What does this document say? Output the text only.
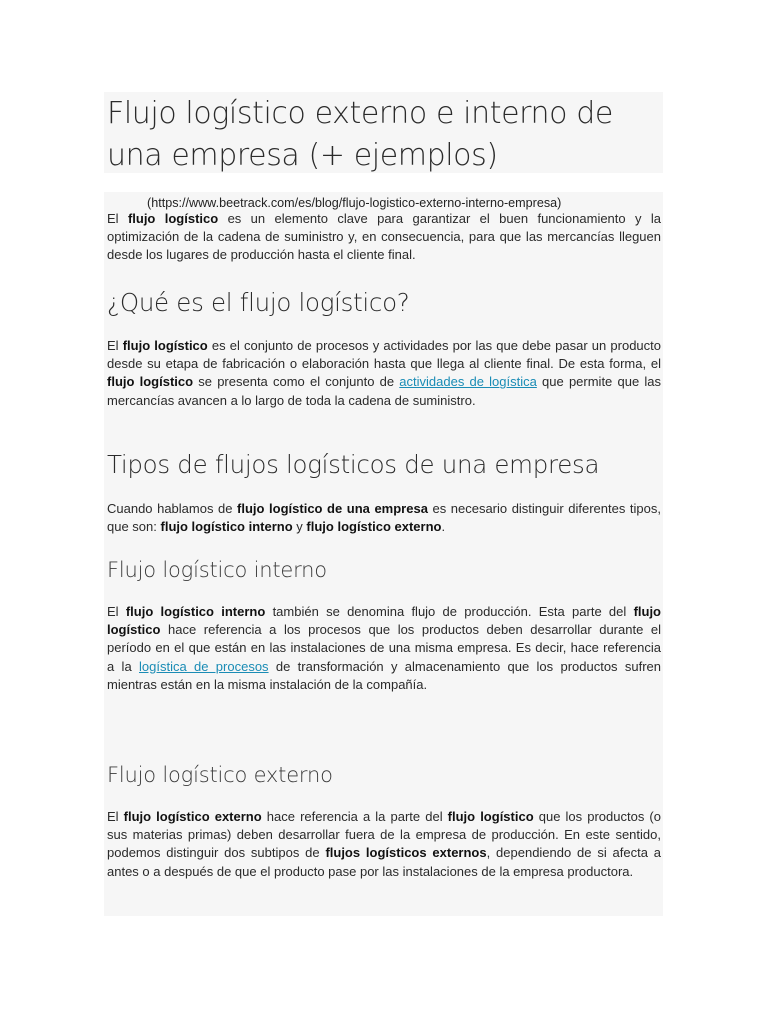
Flujo logístico externo e interno de una empresa (+ ejemplos)
(https://www.beetrack.com/es/blog/flujo-logistico-externo-interno-empresa)

El flujo logístico es un elemento clave para garantizar el buen funcionamiento y la optimización de la cadena de suministro y, en consecuencia, para que las mercancías lleguen desde los lugares de producción hasta el cliente final.

¿Qué es el flujo logístico?

El flujo logístico es el conjunto de procesos y actividades por las que debe pasar un producto desde su etapa de fabricación o elaboración hasta que llega al cliente final. De esta forma, el flujo logístico se presenta como el conjunto de actividades de logística que permite que las mercancías avancen a lo largo de toda la cadena de suministro.

Tipos de flujos logísticos de una empresa

Cuando hablamos de flujo logístico de una empresa es necesario distinguir diferentes tipos, que son: flujo logístico interno y flujo logístico externo.

Flujo logístico interno

El flujo logístico interno también se denomina flujo de producción. Esta parte del flujo logístico hace referencia a los procesos que los productos deben desarrollar durante el período en el que están en las instalaciones de una misma empresa. Es decir, hace referencia a la logística de procesos de transformación y almacenamiento que los productos sufren mientras están en la misma instalación de la compañía.

Flujo logístico externo

El flujo logístico externo hace referencia a la parte del flujo logístico que los productos (o sus materias primas) deben desarrollar fuera de la empresa de producción. En este sentido, podemos distinguir dos subtipos de flujos logísticos externos, dependiendo de si afecta a antes o a después de que el producto pase por las instalaciones de la empresa productora.
